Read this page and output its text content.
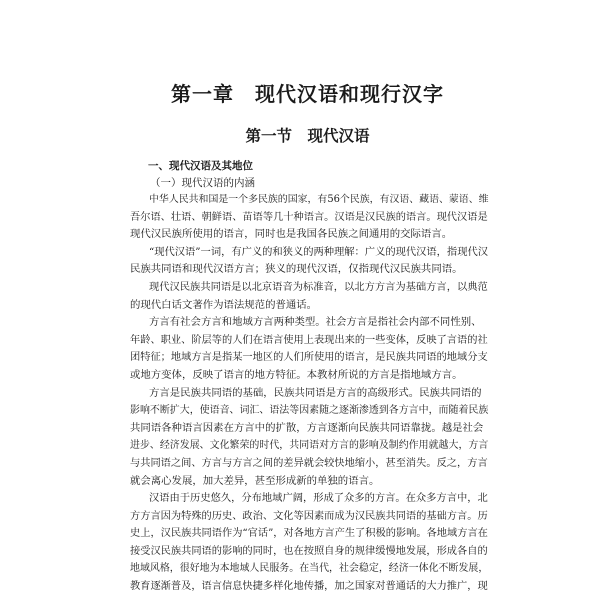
第一章　现代汉语和现行汉字
第一节　现代汉语
一、现代汉语及其地位
（一）现代汉语的内涵
中华人民共和国是一个多民族的国家，有56个民族，有汉语、藏语、蒙语、维
吾尔语、壮语、朝鲜语、苗语等几十种语言。汉语是汉民族的语言。现代汉语是
现代汉民族所使用的语言，同时也是我国各民族之间通用的交际语言。
“现代汉语”一词，有广义的和狭义的两种理解：广义的现代汉语，指现代汉
民族共同语和现代汉语方言；狭义的现代汉语，仅指现代汉民族共同语。
现代汉民族共同语是以北京语音为标准音，以北方方言为基础方言，以典范
的现代白话文著作为语法规范的普通话。
方言有社会方言和地域方言两种类型。社会方言是指社会内部不同性别、
年龄、职业、阶层等的人们在语言使用上表现出来的一些变体，反映了言语的社
团特征；地域方言是指某一地区的人们所使用的语言，是民族共同语的地域分支
或地方变体，反映了语言的地方特征。本教材所说的方言是指地域方言。
方言是民族共同语的基础，民族共同语是方言的高级形式。民族共同语的
影响不断扩大，使语音、词汇、语法等因素随之逐渐渗透到各方言中，而随着民族
共同语各种语言因素在方言中的扩散，方言逐渐向民族共同语靠拢。越是社会
进步、经济发展、文化繁荣的时代，共同语对方言的影响及制约作用就越大，方言
与共同语之间、方言与方言之间的差异就会较快地缩小，甚至消失。反之，方言
就会离心发展，加大差异，甚至形成新的单独的语言。
汉语由于历史悠久，分布地域广阔，形成了众多的方言。在众多方言中，北
方方言因为特殊的历史、政治、文化等因素而成为汉民族共同语的基础方言。历
史上，汉民族共同语作为“官话”，对各地方言产生了积极的影响。各地域方言在
接受汉民族共同语的影响的同时，也在按照自身的规律缓慢地发展，形成各自的
地域风格，很好地为本地域人民服务。在当代，社会稳定，经济一体化不断发展，
教育逐渐普及，语言信息快捷多样化地传播，加之国家对普通话的大力推广，现
